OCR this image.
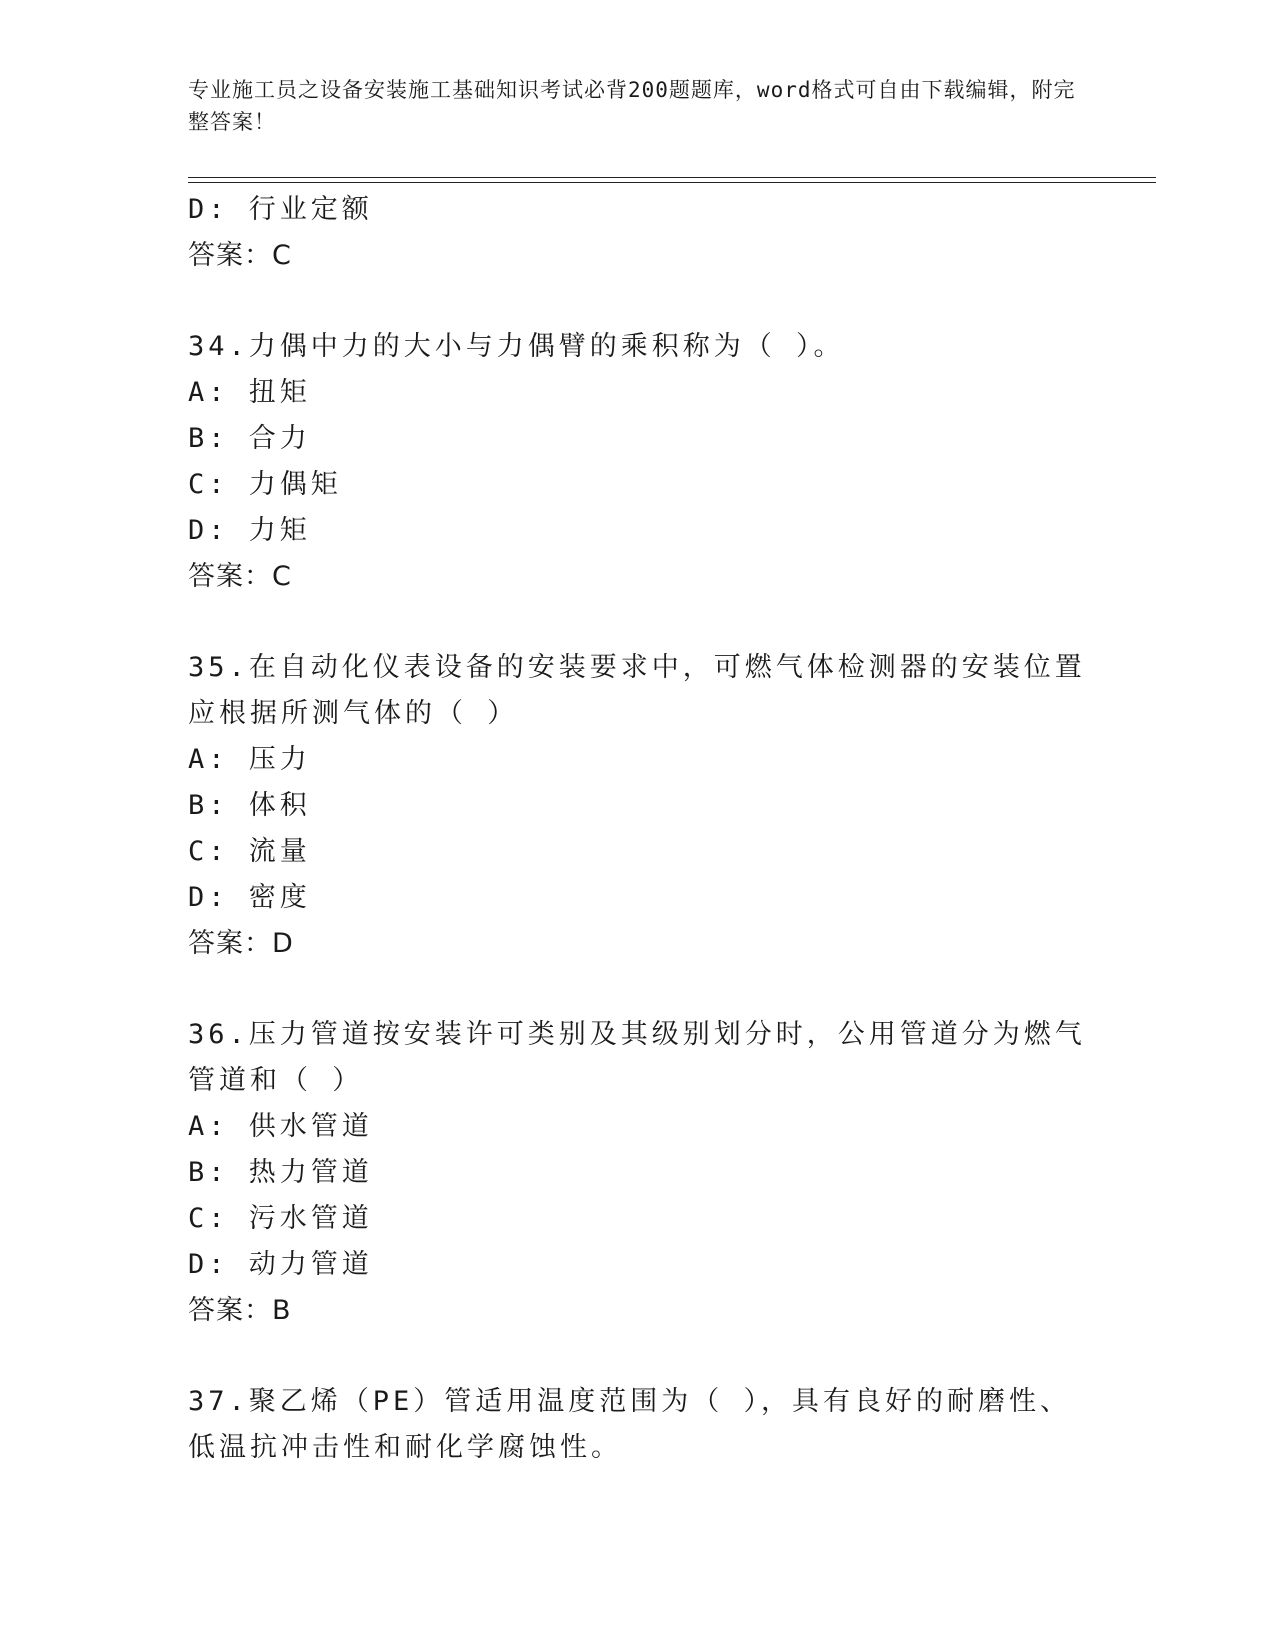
专业施工员之设备安装施工基础知识考试必背200题题库，word格式可自由下载编辑，附完整答案！
D: 行业定额
答案：C
34.力偶中力的大小与力偶臂的乘积称为（ ）。
A: 扭矩
B: 合力
C: 力偶矩
D: 力矩
答案：C
35.在自动化仪表设备的安装要求中，可燃气体检测器的安装位置应根据所测气体的（ ）
A: 压力
B: 体积
C: 流量
D: 密度
答案：D
36.压力管道按安装许可类别及其级别划分时，公用管道分为燃气管道和（ ）
A: 供水管道
B: 热力管道
C: 污水管道
D: 动力管道
答案：B
37.聚乙烯（PE）管适用温度范围为（ ），具有良好的耐磨性、低温抗冲击性和耐化学腐蚀性。
